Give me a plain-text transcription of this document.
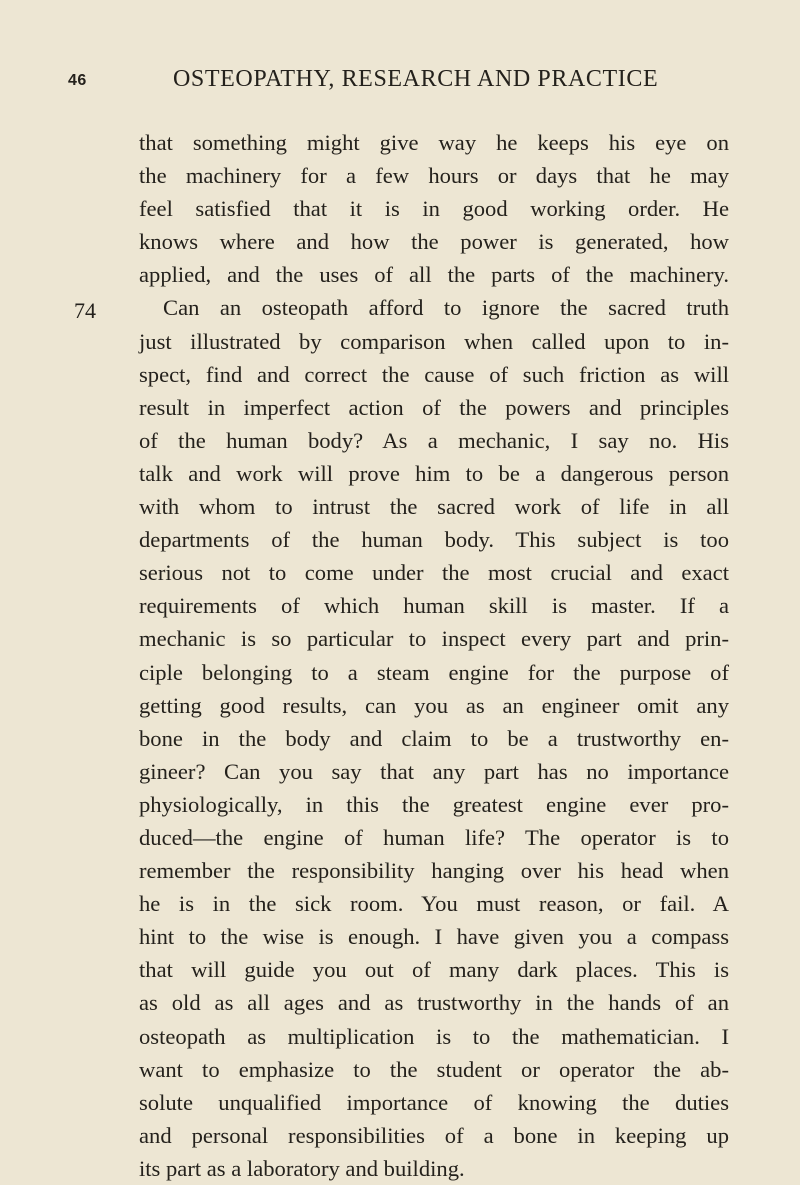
46	OSTEOPATHY, RESEARCH AND PRACTICE
74
that something might give way he keeps his eye on
the machinery for a few hours or days that he may
feel satisfied that it is in good working order. He
knows where and how the power is generated, how
applied, and the uses of all the parts of the machinery.
Can an osteopath afford to ignore the sacred truth
just illustrated by comparison when called upon to in-
spect, find and correct the cause of such friction as will
result in imperfect action of the powers and principles
of the human body? As a mechanic, I say no. His
talk and work will prove him to be a dangerous person
with whom to intrust the sacred work of life in all
departments of the human body. This subject is too
serious not to come under the most crucial and exact
requirements of which human skill is master. If a
mechanic is so particular to inspect every part and prin-
ciple belonging to a steam engine for the purpose of
getting good results, can you as an engineer omit any
bone in the body and claim to be a trustworthy en-
gineer? Can you say that any part has no importance
physiologically, in this the greatest engine ever pro-
duced—the engine of human life? The operator is to
remember the responsibility hanging over his head when
he is in the sick room. You must reason, or fail. A
hint to the wise is enough. I have given you a compass
that will guide you out of many dark places. This is
as old as all ages and as trustworthy in the hands of an
osteopath as multiplication is to the mathematician. I
want to emphasize to the student or operator the ab-
solute unqualified importance of knowing the duties
and personal responsibilities of a bone in keeping up
its part as a laboratory and building.
